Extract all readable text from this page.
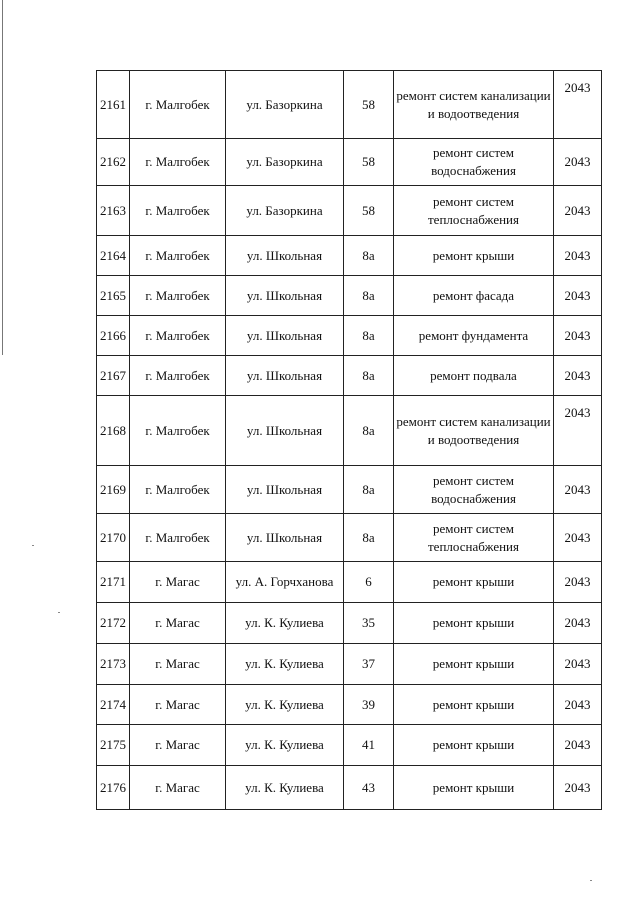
2161	г. Малгобек	ул. Базоркина	58	ремонт систем канализации и водоотведения	2043
2162	г. Малгобек	ул. Базоркина	58	ремонт систем водоснабжения	2043
2163	г. Малгобек	ул. Базоркина	58	ремонт систем теплоснабжения	2043
2164	г. Малгобек	ул. Школьная	8а	ремонт крыши	2043
2165	г. Малгобек	ул. Школьная	8а	ремонт фасада	2043
2166	г. Малгобек	ул. Школьная	8а	ремонт фундамента	2043
2167	г. Малгобек	ул. Школьная	8а	ремонт подвала	2043
2168	г. Малгобек	ул. Школьная	8а	ремонт систем канализации и водоотведения	2043
2169	г. Малгобек	ул. Школьная	8а	ремонт систем водоснабжения	2043
2170	г. Малгобек	ул. Школьная	8а	ремонт систем теплоснабжения	2043
2171	г. Магас	ул. А. Горчханова	6	ремонт крыши	2043
2172	г. Магас	ул. К. Кулиева	35	ремонт крыши	2043
2173	г. Магас	ул. К. Кулиева	37	ремонт крыши	2043
2174	г. Магас	ул. К. Кулиева	39	ремонт крыши	2043
2175	г. Магас	ул. К. Кулиева	41	ремонт крыши	2043
2176	г. Магас	ул. К. Кулиева	43	ремонт крыши	2043
